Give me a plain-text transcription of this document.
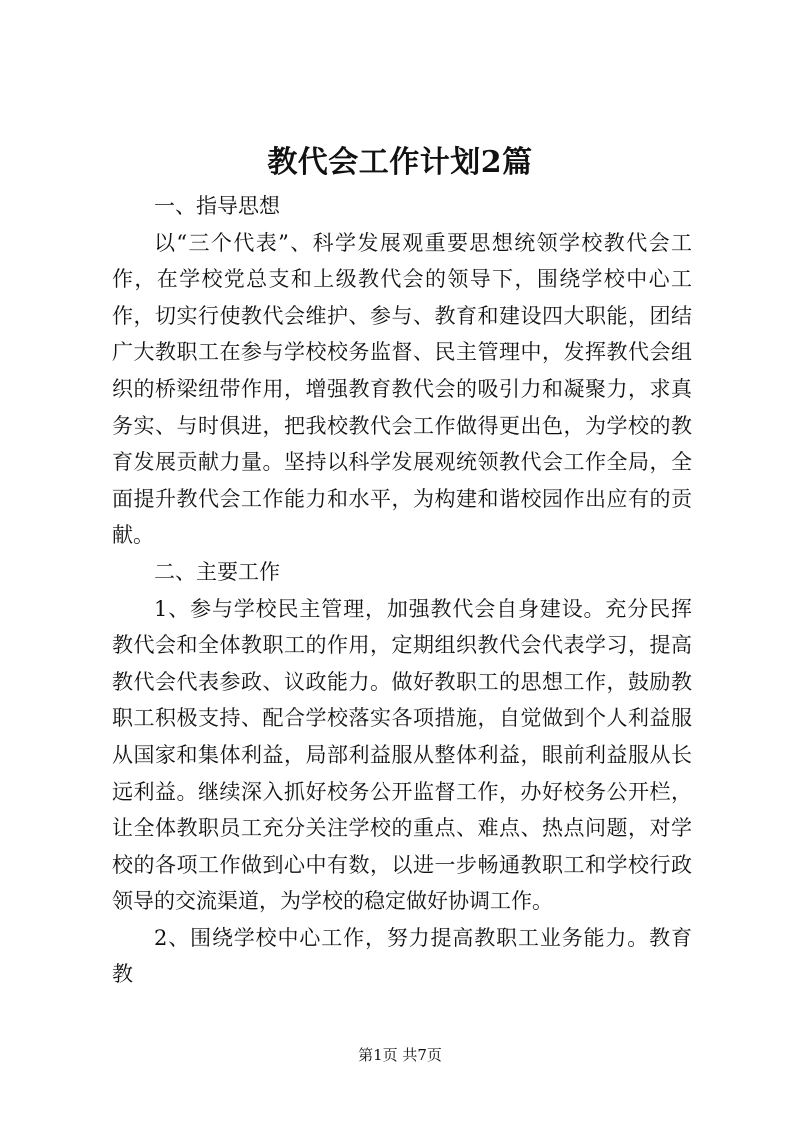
教代会工作计划2篇

一、指导思想

以“三个代表”、科学发展观重要思想统领学校教代会工作，在学校党总支和上级教代会的领导下，围绕学校中心工作，切实行使教代会维护、参与、教育和建设四大职能，团结广大教职工在参与学校校务监督、民主管理中，发挥教代会组织的桥梁纽带作用，增强教育教代会的吸引力和凝聚力，求真务实、与时俱进，把我校教代会工作做得更出色，为学校的教育发展贡献力量。坚持以科学发展观统领教代会工作全局，全面提升教代会工作能力和水平，为构建和谐校园作出应有的贡献。

二、主要工作

1、参与学校民主管理，加强教代会自身建设。充分民挥教代会和全体教职工的作用，定期组织教代会代表学习，提高教代会代表参政、议政能力。做好教职工的思想工作，鼓励教职工积极支持、配合学校落实各项措施，自觉做到个人利益服从国家和集体利益，局部利益服从整体利益，眼前利益服从长远利益。继续深入抓好校务公开监督工作，办好校务公开栏，让全体教职员工充分关注学校的重点、难点、热点问题，对学校的各项工作做到心中有数，以进一步畅通教职工和学校行政领导的交流渠道，为学校的稳定做好协调工作。

2、围绕学校中心工作，努力提高教职工业务能力。教育教

第1页 共7页
